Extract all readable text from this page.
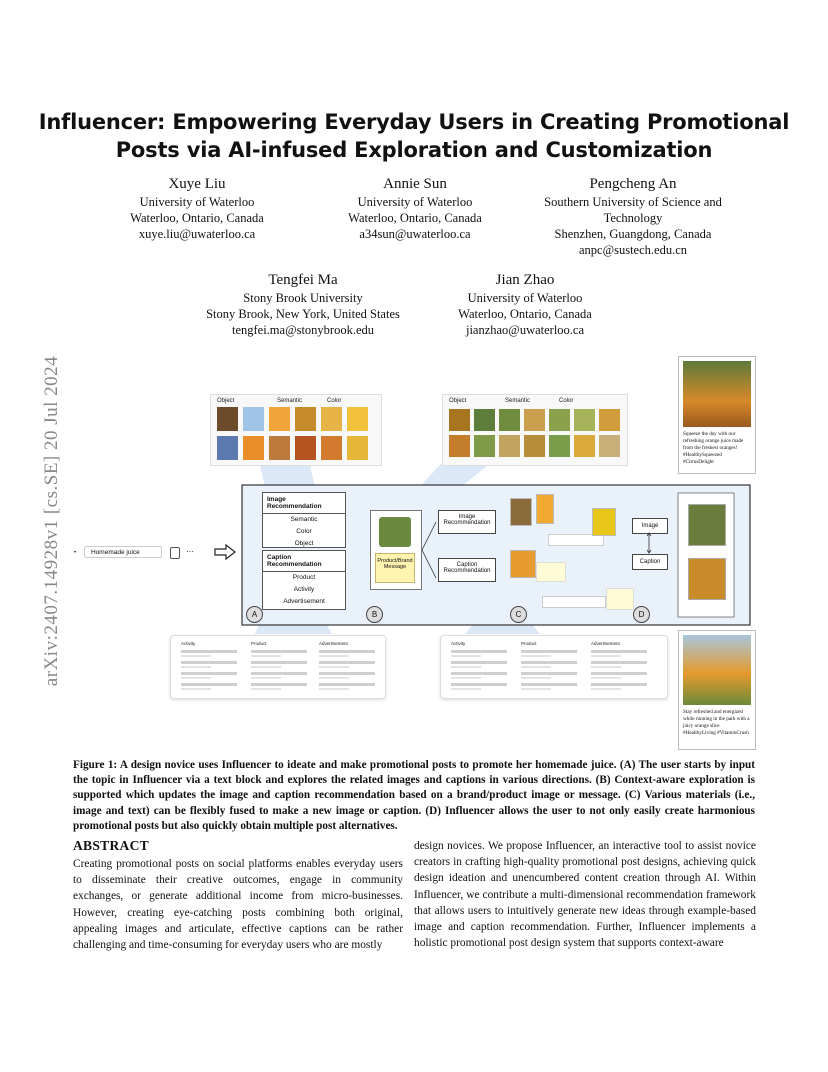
arXiv:2407.14928v1 [cs.SE] 20 Jul 2024
Influencer: Empowering Everyday Users in Creating Promotional
Posts via AI-infused Exploration and Customization
Xuye Liu
University of Waterloo
Waterloo, Ontario, Canada
xuye.liu@uwaterloo.ca
Annie Sun
University of Waterloo
Waterloo, Ontario, Canada
a34sun@uwaterloo.ca
Pengcheng An
Southern University of Science and
Technology
Shenzhen, Guangdong, Canada
anpc@sustech.edu.cn
Tengfei Ma
Stony Brook University
Stony Brook, New York, United States
tengfei.ma@stonybrook.edu
Jian Zhao
University of Waterloo
Waterloo, Ontario, Canada
jianzhao@uwaterloo.ca
Object	Semantic	Color	Object	Semantic	Color
Squeeze the day with our refreshing orange juice made from the freshest oranges! #HealthySqueezed #CitrusDelight
•	Homemade juice	⋯
Image Recommendation
Semantic
Color
Object
Caption Recommendation
Product
Activity
Advertisement
Product/Brand Message
Image Recommendation
Caption Recommendation
Image
Caption
A	B	C	D
Activity	Product	Advertisement	Activity	Product	Advertisement
Stay refreshed and energized while running in the park with a juicy orange slice #HealthyLiving #VitaminCrush
Figure 1: A design novice uses Influencer to ideate and make promotional posts to promote her homemade juice. (A) The user starts by input the topic in Influencer via a text block and explores the related images and captions in various directions. (B) Context-aware exploration is supported which updates the image and caption recommendation based on a brand/product image or message. (C) Various materials (i.e., image and text) can be flexibly fused to make a new image or caption. (D) Influencer allows the user to not only easily create harmonious promotional posts but also quickly obtain multiple post alternatives.
ABSTRACT
Creating promotional posts on social platforms enables everyday users to disseminate their creative outcomes, engage in community exchanges, or generate additional income from micro-businesses. However, creating eye-catching posts combining both original, appealing images and articulate, effective captions can be rather challenging and time-consuming for everyday users who are mostly
design novices. We propose Influencer, an interactive tool to assist novice creators in crafting high-quality promotional post designs, achieving quick design ideation and unencumbered content creation through AI. Within Influencer, we contribute a multi-dimensional recommendation framework that allows users to intuitively generate new ideas through example-based image and caption recommendation. Further, Influencer implements a holistic promotional post design system that supports context-aware
